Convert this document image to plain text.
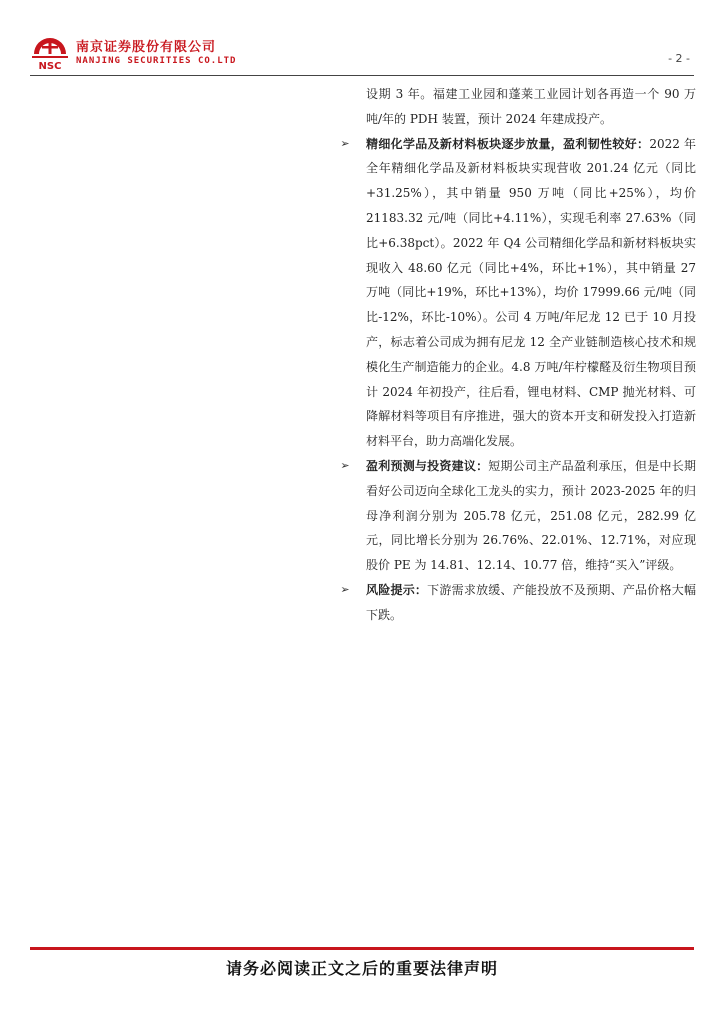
NSC
南京证券股份有限公司
NANJING SECURITIES CO.LTD	- 2 -

设期 3 年。福建工业园和蓬莱工业园计划各再造一个 90 万吨/年的 PDH 装置，预计 2024 年建成投产。

➢ 精细化学品及新材料板块逐步放量，盈利韧性较好：2022 年全年精细化学品及新材料板块实现营收 201.24 亿元（同比+31.25%），其中销量 950 万吨（同比+25%），均价 21183.32 元/吨（同比+4.11%），实现毛利率 27.63%（同比+6.38pct）。2022 年 Q4 公司精细化学品和新材料板块实现收入 48.60 亿元（同比+4%，环比+1%），其中销量 27 万吨（同比+19%，环比+13%），均价 17999.66 元/吨（同比-12%，环比-10%）。公司 4 万吨/年尼龙 12 已于 10 月投产，标志着公司成为拥有尼龙 12 全产业链制造核心技术和规模化生产制造能力的企业。4.8 万吨/年柠檬醛及衍生物项目预计 2024 年初投产，往后看，锂电材料、CMP 抛光材料、可降解材料等项目有序推进，强大的资本开支和研发投入打造新材料平台，助力高端化发展。
➢ 盈利预测与投资建议：短期公司主产品盈利承压，但是中长期看好公司迈向全球化工龙头的实力，预计 2023-2025 年的归母净利润分别为 205.78 亿元，251.08 亿元，282.99 亿元，同比增长分别为 26.76%、22.01%、12.71%，对应现股价 PE 为 14.81、12.14、10.77 倍，维持“买入”评级。
➢ 风险提示：下游需求放缓、产能投放不及预期、产品价格大幅下跌。
请务必阅读正文之后的重要法律声明
